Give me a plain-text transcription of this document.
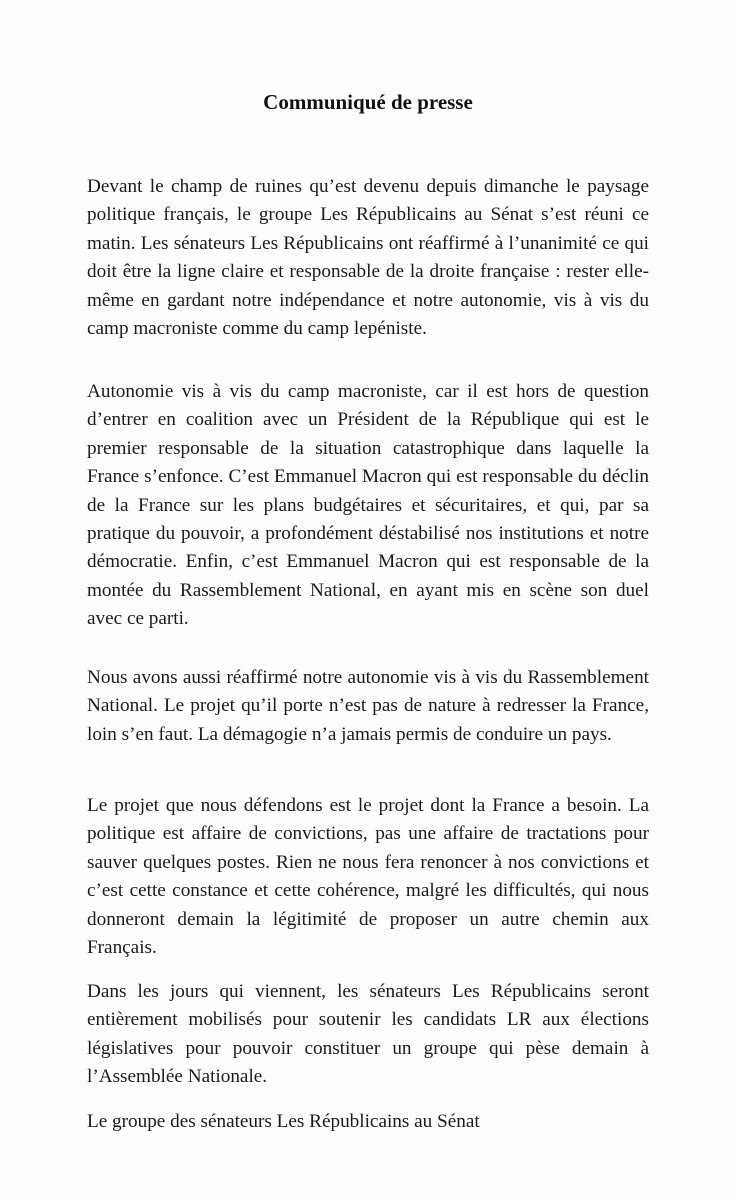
Communiqué de presse

Devant le champ de ruines qu’est devenu depuis dimanche le paysage politique français, le groupe Les Républicains au Sénat s’est réuni ce matin. Les sénateurs Les Républicains ont réaffirmé à l’unanimité ce qui doit être la ligne claire et responsable de la droite française : rester elle-même en gardant notre indépendance et notre autonomie, vis à vis du camp macroniste comme du camp lepéniste.

Autonomie vis à vis du camp macroniste, car il est hors de question d’entrer en coalition avec un Président de la République qui est le premier responsable de la situation catastrophique dans laquelle la France s’enfonce. C’est Emmanuel Macron qui est responsable du déclin de la France sur les plans budgétaires et sécuritaires, et qui, par sa pratique du pouvoir, a profondément déstabilisé nos institutions et notre démocratie. Enfin, c’est Emmanuel Macron qui est responsable de la montée du Rassemblement National, en ayant mis en scène son duel avec ce parti.

Nous avons aussi réaffirmé notre autonomie vis à vis du Rassemblement National. Le projet qu’il porte n’est pas de nature à redresser la France, loin s’en faut. La démagogie n’a jamais permis de conduire un pays.

Le projet que nous défendons est le projet dont la France a besoin. La politique est affaire de convictions, pas une affaire de tractations pour sauver quelques postes. Rien ne nous fera renoncer à nos convictions et c’est cette constance et cette cohérence, malgré les difficultés, qui nous donneront demain la légitimité de proposer un autre chemin aux Français.

Dans les jours qui viennent, les sénateurs Les Républicains seront entièrement mobilisés pour soutenir les candidats LR aux élections législatives pour pouvoir constituer un groupe qui pèse demain à l’Assemblée Nationale.

Le groupe des sénateurs Les Républicains au Sénat
